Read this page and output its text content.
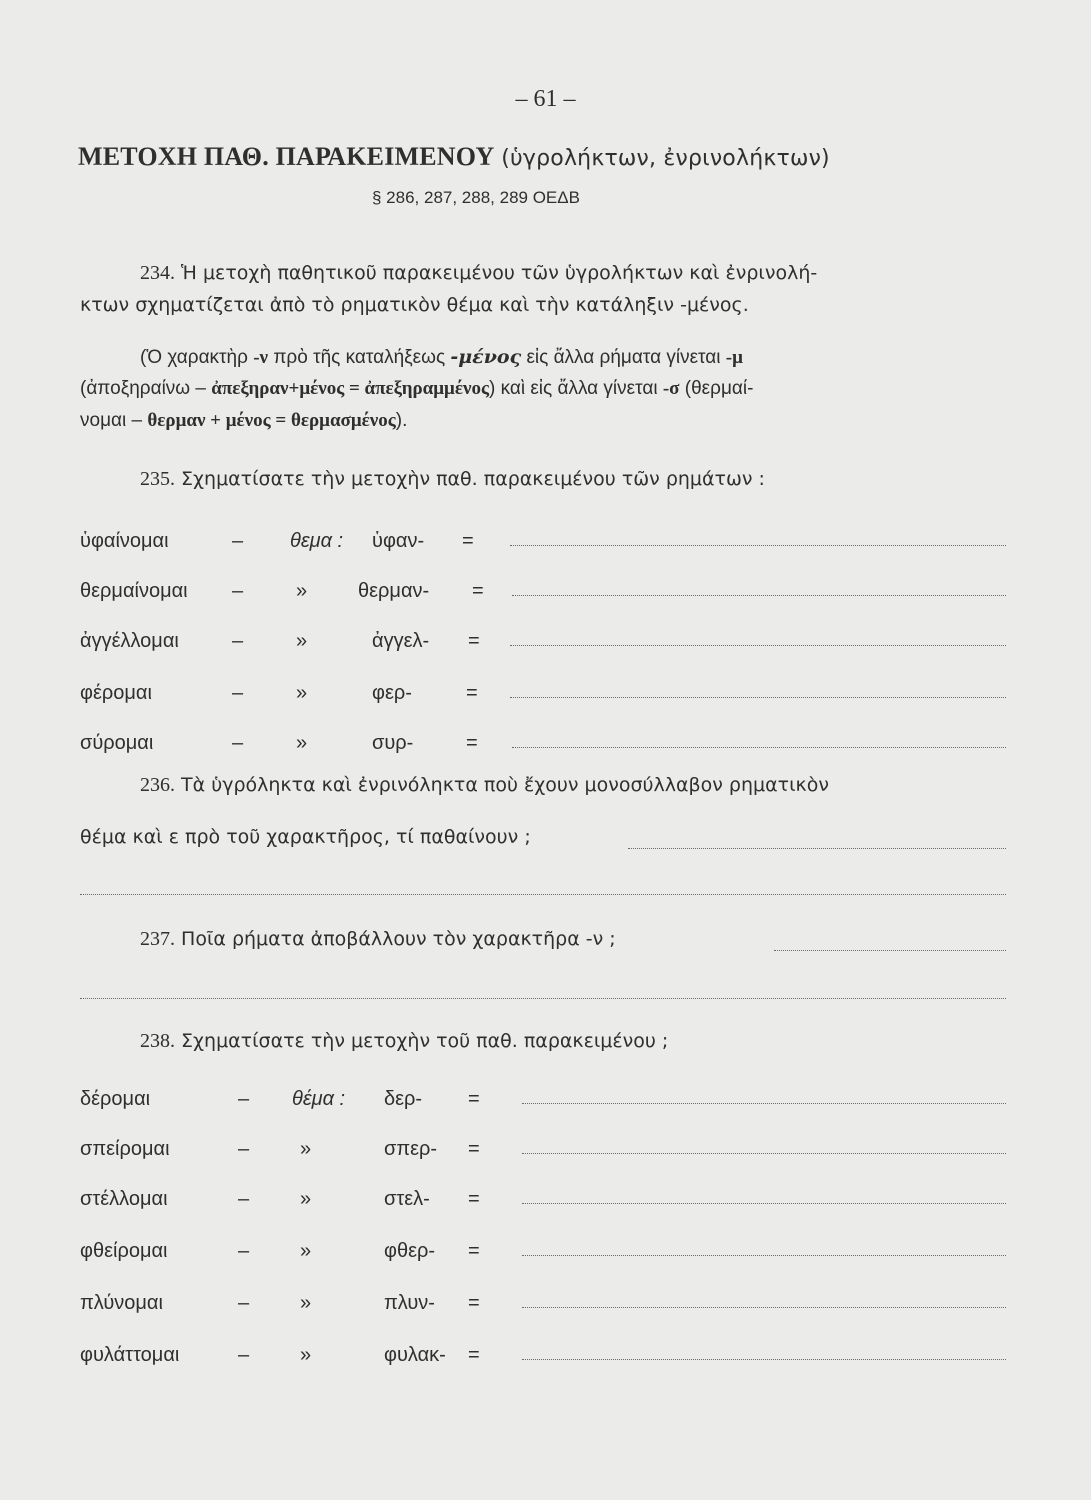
– 61 –
ΜΕΤΟΧΗ ΠΑΘ. ΠΑΡΑΚΕΙΜΕΝΟΥ (ὑγρολήκτων, ἐνρινολήκτων)
§ 286, 287, 288, 289 ΟΕΔΒ
234. Ἡ μετοχὴ παθητικοῦ παρακειμένου τῶν ὑγρολήκτων καὶ ἐνρινολή-
κτων σχηματίζεται ἀπὸ τὸ ρηματικὸν θέμα καὶ τὴν κατάληξιν -μένος.
(Ὁ χαρακτὴρ -ν πρὸ τῆς καταλήξεως -μένος εἰς ἄλλα ρήματα γίνεται -μ
(ἀποξηραίνω – ἀπεξηραν+μένος = ἀπεξηραμμένος) καὶ εἰς ἄλλα γίνεται -σ (θερμαί-
νομαι – θερμαν + μένος = θερμασμένος).
235. Σχηματίσατε τὴν μετοχὴν παθ. παρακειμένου τῶν ρημάτων :
ὑφαίνομαι	– θεμα : ὑφαν- =
θερμαίνομαι –	»	θερμαν- =
ἀγγέλλομαι	–	»	ἀγγελ- =
φέρομαι	–	»	φερ-	=
σύρομαι	–	»	συρ-	=
236. Τὰ ὑγρόληκτα καὶ ἐνρινόληκτα ποὺ ἔχουν μονοσύλλαβον ρηματικὸν
θέμα καὶ ε πρὸ τοῦ χαρακτῆρος, τί παθαίνουν ;
237. Ποῖα ρήματα ἀποβάλλουν τὸν χαρακτῆρα -ν ;
238. Σχηματίσατε τὴν μετοχὴν τοῦ παθ. παρακειμένου ;
δέρομαι	– θέμα : δερ- =
σπείρομαι	–	»	σπερ- =
στέλλομαι	–	»	στελ- =
φθείρομαι	–	»	φθερ- =
πλύνομαι	–	»	πλυν- =
φυλάττομαι	–	»	φυλακ- =
